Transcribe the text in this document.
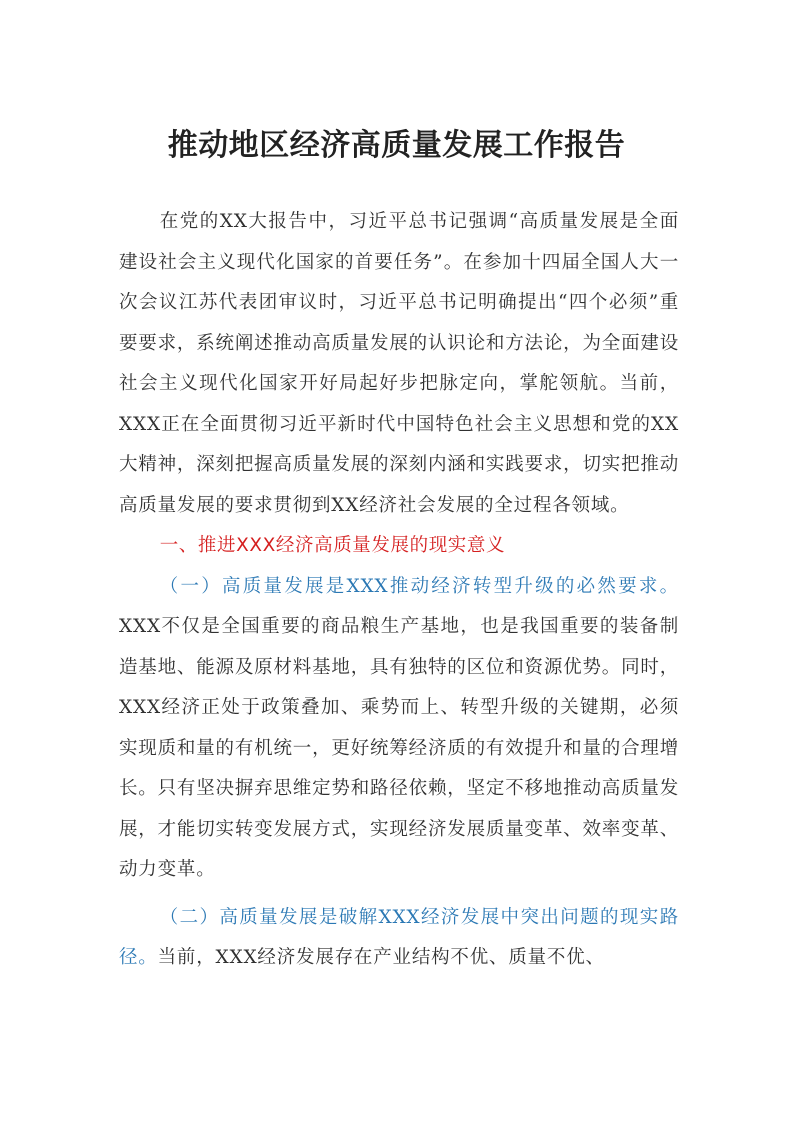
推动地区经济高质量发展工作报告

在党的XX大报告中，习近平总书记强调“高质量发展是全面建设社会主义现代化国家的首要任务”。在参加十四届全国人大一次会议江苏代表团审议时，习近平总书记明确提出“四个必须”重要要求，系统阐述推动高质量发展的认识论和方法论，为全面建设社会主义现代化国家开好局起好步把脉定向，掌舵领航。当前，XXX正在全面贯彻习近平新时代中国特色社会主义思想和党的XX大精神，深刻把握高质量发展的深刻内涵和实践要求，切实把推动高质量发展的要求贯彻到XX经济社会发展的全过程各领域。

一、推进XXX经济高质量发展的现实意义

（一）高质量发展是XXX推动经济转型升级的必然要求。XXX不仅是全国重要的商品粮生产基地，也是我国重要的装备制造基地、能源及原材料基地，具有独特的区位和资源优势。同时，XXX经济正处于政策叠加、乘势而上、转型升级的关键期，必须实现质和量的有机统一，更好统筹经济质的有效提升和量的合理增长。只有坚决摒弃思维定势和路径依赖，坚定不移地推动高质量发展，才能切实转变发展方式，实现经济发展质量变革、效率变革、动力变革。

（二）高质量发展是破解XXX经济发展中突出问题的现实路径。当前，XXX经济发展存在产业结构不优、质量不优、
